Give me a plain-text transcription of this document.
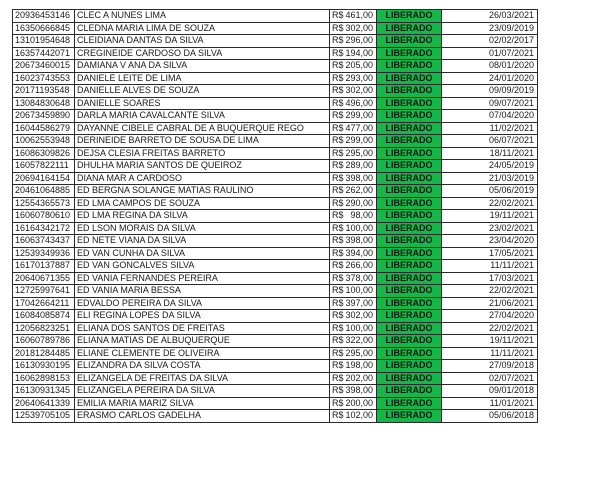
20936453146	CLEC A NUNES LIMA	R$ 461,00	LIBERADO	26/03/2021
16350666845	CLEDNA MARIA LIMA DE SOUZA	R$ 302,00	LIBERADO	23/09/2019
13101954648	CLEIDIANA DANTAS DA SILVA	R$ 296,00	LIBERADO	02/02/2017
16357442071	CREGINEIDE CARDOSO DA SILVA	R$ 194,00	LIBERADO	01/07/2021
20673460015	DAMIANA V ANA DA SILVA	R$ 205,00	LIBERADO	08/01/2020
16023743553	DANIELE LEITE DE LIMA	R$ 293,00	LIBERADO	24/01/2020
20171193548	DANIELLE ALVES DE SOUZA	R$ 302,00	LIBERADO	09/09/2019
13084830648	DANIELLE SOARES	R$ 496,00	LIBERADO	09/07/2021
20673459890	DARLA MARIA CAVALCANTE SILVA	R$ 299,00	LIBERADO	07/04/2020
16044586279	DAYANNE CIBELE CABRAL DE A BUQUERQUE REGO	R$ 477,00	LIBERADO	11/02/2021
10062553948	DERINEIDE BARRETO DE SOUSA DE LIMA	R$ 299,00	LIBERADO	06/07/2021
16086309826	DEJSA CLESIA FREITAS BARRETO	R$ 295,00	LIBERADO	18/11/2021
16057822111	DHULHA MARIA SANTOS DE QUEIROZ	R$ 289,00	LIBERADO	24/05/2019
20694164154	DIANA MAR A CARDOSO	R$ 398,00	LIBERADO	21/03/2019
20461064885	ED BERGNA SOLANGE MATIAS RAULINO	R$ 262,00	LIBERADO	05/06/2019
12554365573	ED LMA CAMPOS DE SOUZA	R$ 290,00	LIBERADO	22/02/2021
16060780610	ED LMA REGINA DA SILVA	R$ 98,00	LIBERADO	19/11/2021
16164342172	ED LSON MORAIS DA SILVA	R$ 100,00	LIBERADO	23/02/2021
16063743437	ED NETE VIANA DA SILVA	R$ 398,00	LIBERADO	23/04/2020
12539349936	ED VAN CUNHA DA SILVA	R$ 394,00	LIBERADO	17/05/2021
16170137887	ED VAN GONCALVES SILVA	R$ 266,00	LIBERADO	11/11/2021
20640671355	ED VANIA FERNANDES PEREIRA	R$ 378,00	LIBERADO	17/03/2021
12725997641	ED VANIA MARIA BESSA	R$ 100,00	LIBERADO	22/02/2021
17042664211	EDVALDO PEREIRA DA SILVA	R$ 397,00	LIBERADO	21/06/2021
16084085874	ELI REGINA LOPES DA SILVA	R$ 302,00	LIBERADO	27/04/2020
12056823251	ELIANA DOS SANTOS DE FREITAS	R$ 100,00	LIBERADO	22/02/2021
16060789786	ELIANA MATIAS DE ALBUQUERQUE	R$ 322,00	LIBERADO	19/11/2021
20181284485	ELIANE CLEMENTE DE OLIVEIRA	R$ 295,00	LIBERADO	11/11/2021
16130930195	ELIZANDRA DA SILVA COSTA	R$ 198,00	LIBERADO	27/09/2018
16062898153	ELIZANGELA DE FREITAS DA SILVA	R$ 202,00	LIBERADO	02/07/2021
16130931345	ELIZANGELA PEREIRA DA SILVA	R$ 398,00	LIBERADO	09/01/2018
20640641339	EMILIA MARIA MARIZ SILVA	R$ 200,00	LIBERADO	11/01/2021
12539705105	ERASMO CARLOS GADELHA	R$ 102,00	LIBERADO	05/06/2018
